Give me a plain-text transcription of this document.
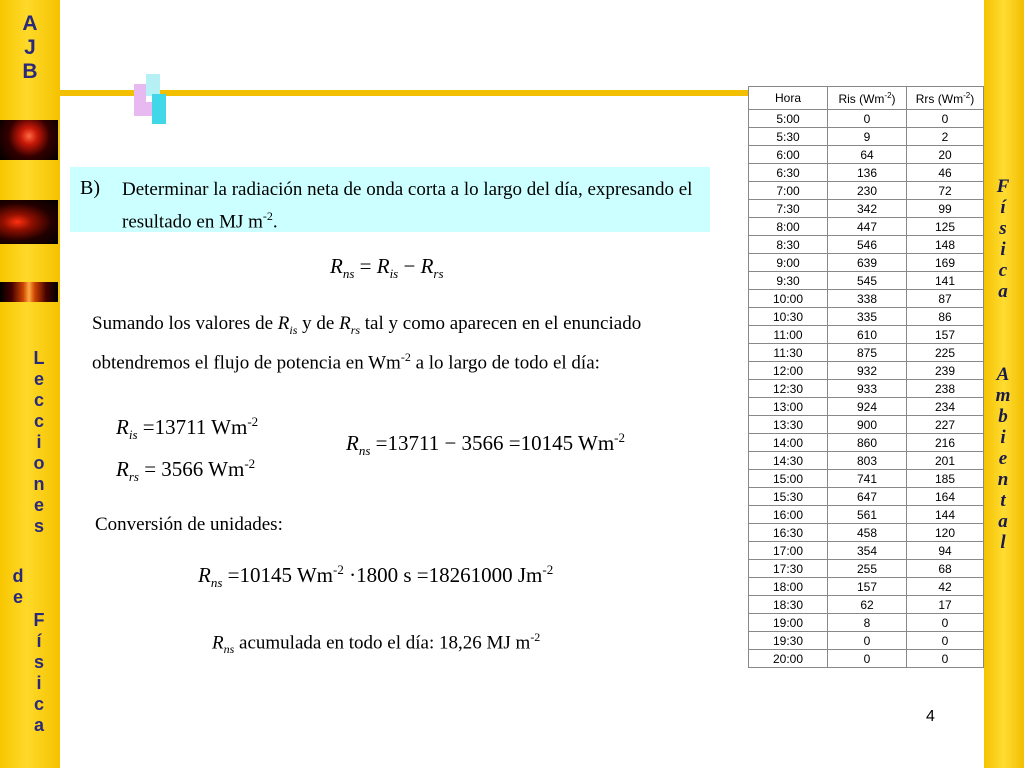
A
J
B
L
e
c
c
i
o
n
e
s
d
e
F
í
s
i
c
a
F
í
s
i
c
a
A
m
b
i
e
n
t
a
l
B) Determinar la radiación neta de onda corta a lo largo del día, expresando el resultado en MJ $m^{-2}$.
$R_{ns} = R_{is} - R_{rs}$
Sumando los valores de $R_{is}$ y de $R_{rs}$ tal y como aparecen en el enunciado obtendremos el flujo de potencia en $Wm^{-2}$ a lo largo de todo el día:
$R_{is} =13711$ $Wm^{-2}$
$R_{rs} = 3566$ $Wm^{-2}$
$R_{ns} =13711 - 3566 =10145$ $Wm^{-2}$
Conversión de unidades:
$R_{ns} =10145$ $Wm^{-2} \cdot 1800$ s =18261000 $Jm^{-2}$
$R_{ns}$ acumulada en todo el día: 18,26 MJ $m^{-2}$
Hora	Ris $(Wm^{-2})$	Rrs $(Wm^{-2})$
5:00	0	0
5:30	9	2
6:00	64	20
6:30	136	46
7:00	230	72
7:30	342	99
8:00	447	125
8:30	546	148
9:00	639	169
9:30	545	141
10:00	338	87
10:30	335	86
11:00	610	157
11:30	875	225
12:00	932	239
12:30	933	238
13:00	924	234
13:30	900	227
14:00	860	216
14:30	803	201
15:00	741	185
15:30	647	164
16:00	561	144
16:30	458	120
17:00	354	94
17:30	255	68
18:00	157	42
18:30	62	17
19:00	8	0
19:30	0	0
20:00	0	0
4
